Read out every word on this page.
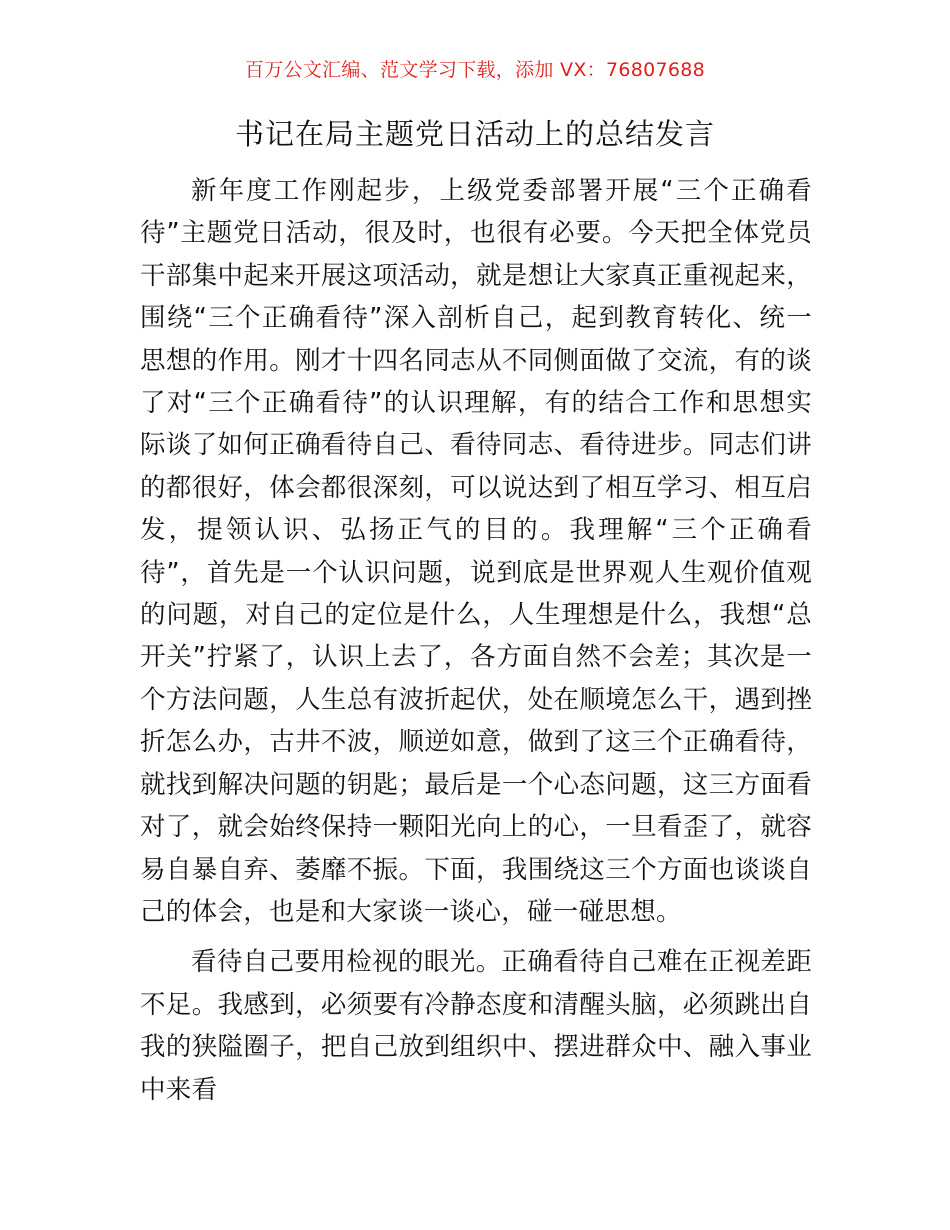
百万公文汇编、范文学习下载，添加 VX：76807688
书记在局主题党日活动上的总结发言

新年度工作刚起步，上级党委部署开展“三个正确看待”主题党日活动，很及时，也很有必要。今天把全体党员干部集中起来开展这项活动，就是想让大家真正重视起来，围绕“三个正确看待”深入剖析自己，起到教育转化、统一思想的作用。刚才十四名同志从不同侧面做了交流，有的谈了对“三个正确看待”的认识理解，有的结合工作和思想实际谈了如何正确看待自己、看待同志、看待进步。同志们讲的都很好，体会都很深刻，可以说达到了相互学习、相互启发，提领认识、弘扬正气的目的。我理解“三个正确看待”，首先是一个认识问题，说到底是世界观人生观价值观的问题，对自己的定位是什么，人生理想是什么，我想“总开关”拧紧了，认识上去了，各方面自然不会差；其次是一个方法问题，人生总有波折起伏，处在顺境怎么干，遇到挫折怎么办，古井不波，顺逆如意，做到了这三个正确看待，就找到解决问题的钥匙；最后是一个心态问题，这三方面看对了，就会始终保持一颗阳光向上的心，一旦看歪了，就容易自暴自弃、萎靡不振。下面，我围绕这三个方面也谈谈自己的体会，也是和大家谈一谈心，碰一碰思想。

看待自己要用检视的眼光。正确看待自己难在正视差距不足。我感到，必须要有冷静态度和清醒头脑，必须跳出自我的狭隘圈子，把自己放到组织中、摆进群众中、融入事业中来看
